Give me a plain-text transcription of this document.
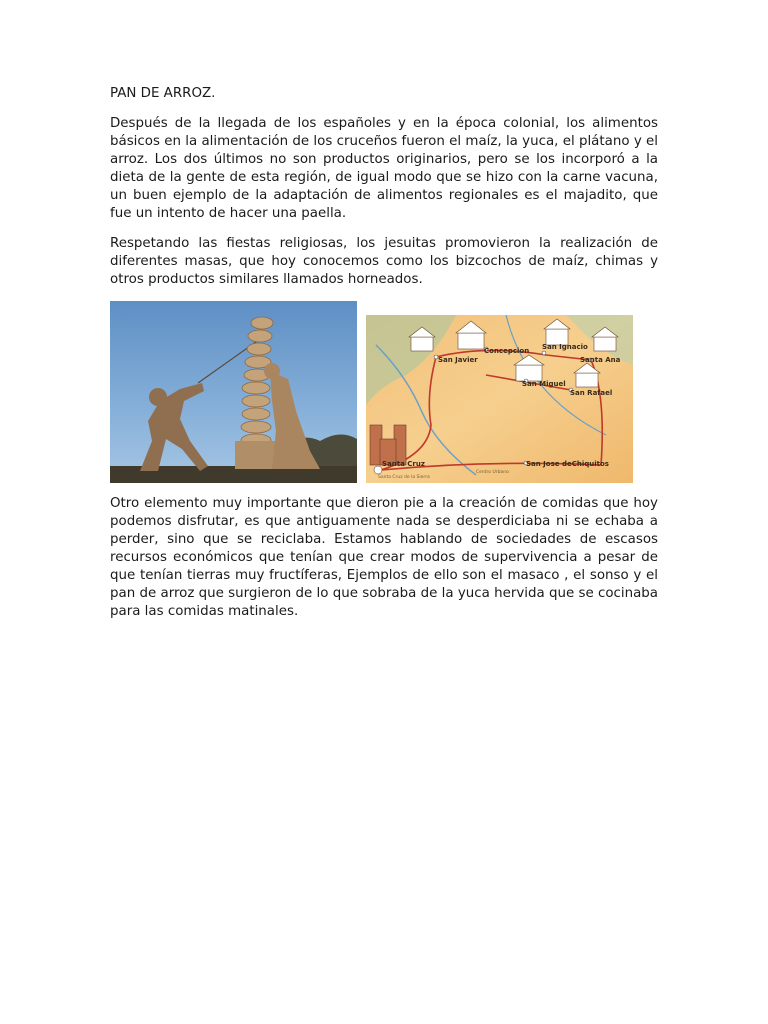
PAN DE ARROZ.

Después de la llegada de los españoles y en la época colonial, los alimentos básicos en la alimentación de los cruceños fueron el maíz, la yuca, el plátano y el arroz. Los dos últimos no son productos originarios, pero se los incorporó a la dieta de la gente de esta región, de igual modo que se hizo con la carne vacuna, un buen ejemplo de la adaptación de alimentos regionales es el majadito, que fue un intento de hacer una paella.

Respetando las fiestas religiosas, los jesuitas promovieron la realización de diferentes masas, que hoy conocemos como los bizcochos de maíz, chimas y otros productos similares llamados horneados.

San Javier
Concepcion San Ignacio
Santa Ana
San Miguel
San Rafael
Santa Cruz	San Jose deChiquitos
Santa Cruz de la Sierra
Centro Urbano

Otro elemento muy importante que dieron pie a la creación de comidas que hoy podemos disfrutar, es que antiguamente nada se desperdiciaba ni se echaba a perder, sino que se reciclaba. Estamos hablando de sociedades de escasos recursos económicos que tenían que crear modos de supervivencia a pesar de que tenían tierras muy fructíferas, Ejemplos de ello son el masaco , el sonso y el pan de arroz que surgieron de lo que sobraba de la yuca hervida que se cocinaba para las comidas matinales.
